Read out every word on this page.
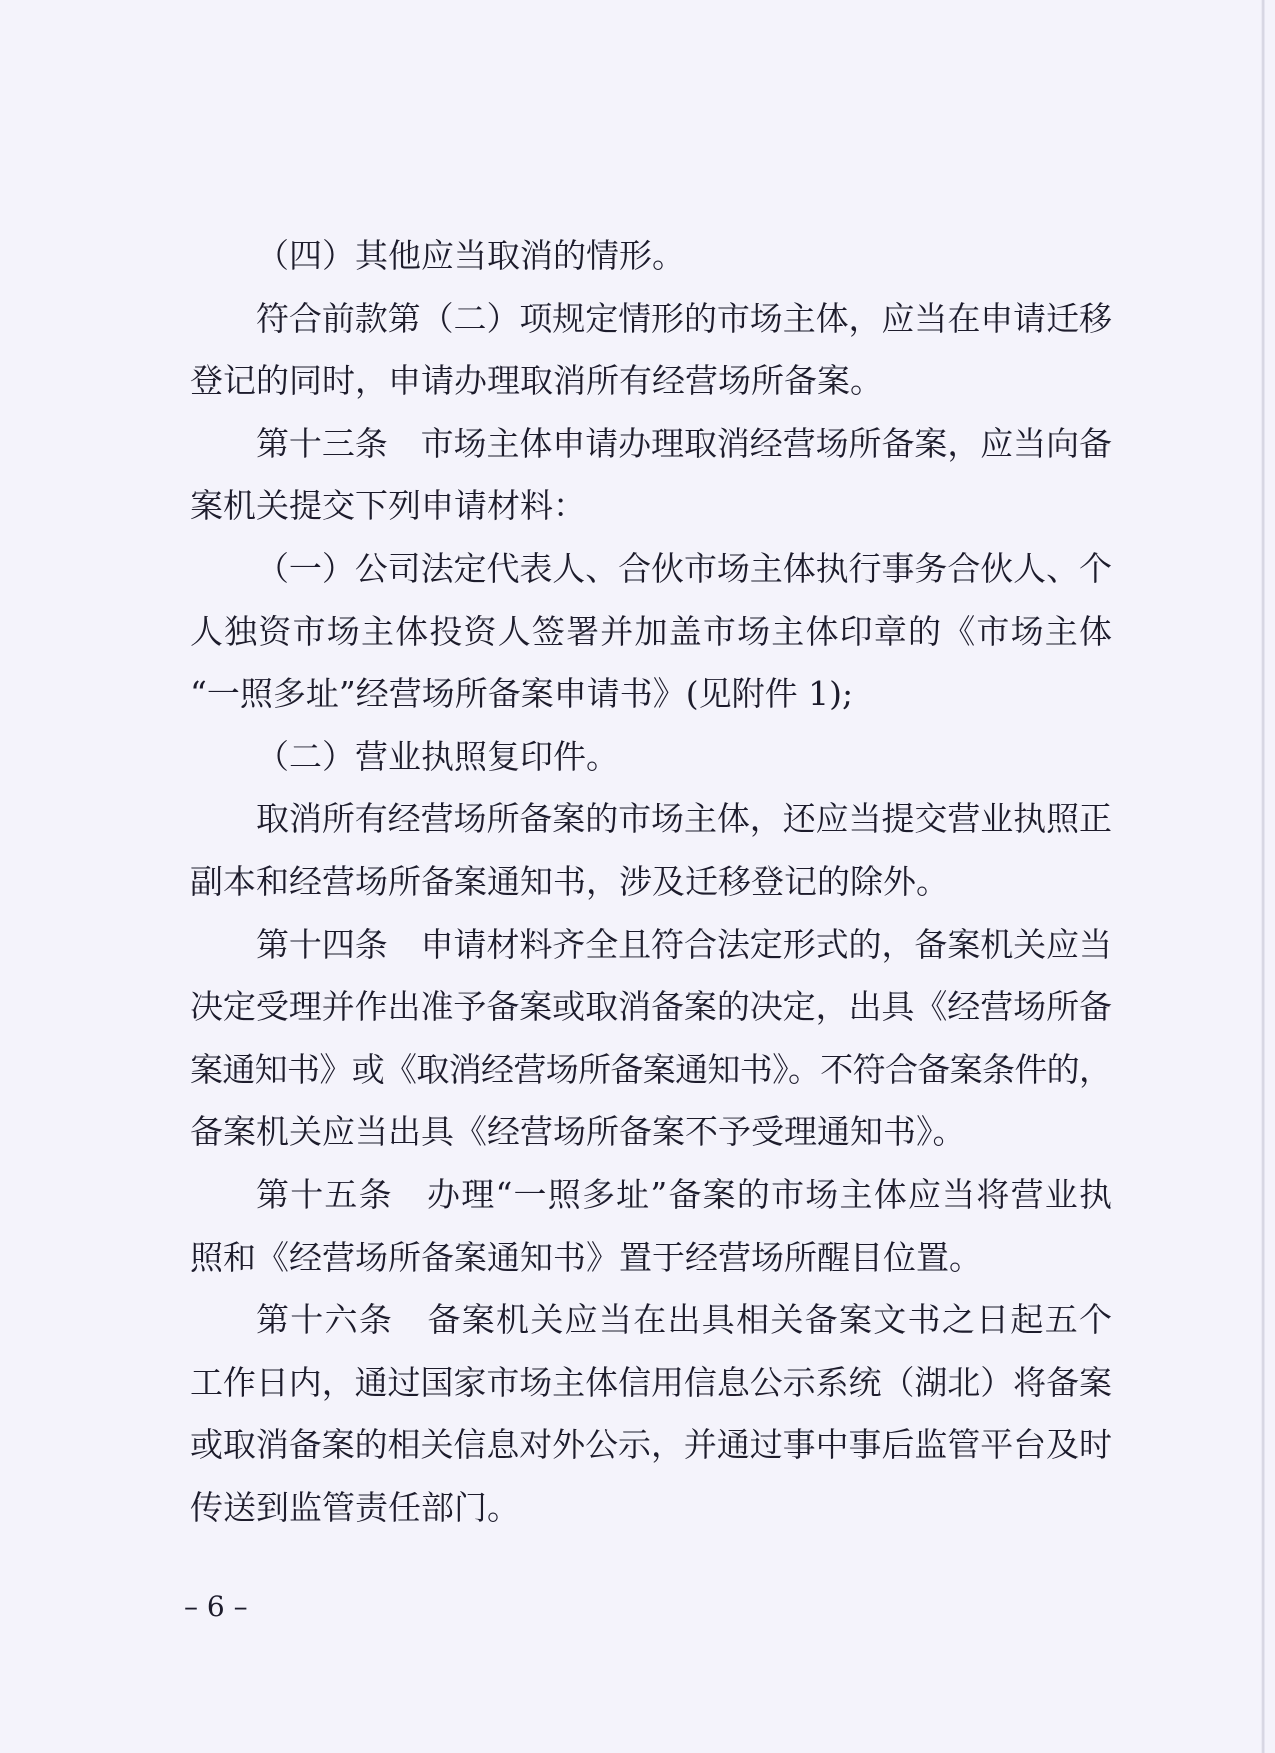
（四）其他应当取消的情形。
符合前款第（二）项规定情形的市场主体，应当在申请迁移
登记的同时，申请办理取消所有经营场所备案。
第十三条　市场主体申请办理取消经营场所备案，应当向备
案机关提交下列申请材料：
（一）公司法定代表人、合伙市场主体执行事务合伙人、个
人独资市场主体投资人签署并加盖市场主体印章的《市场主体
“一照多址”经营场所备案申请书》(见附件 1);
（二）营业执照复印件。
取消所有经营场所备案的市场主体，还应当提交营业执照正
副本和经营场所备案通知书，涉及迁移登记的除外。
第十四条　申请材料齐全且符合法定形式的，备案机关应当
决定受理并作出准予备案或取消备案的决定，出具《经营场所备
案通知书》或《取消经营场所备案通知书》。不符合备案条件的，
备案机关应当出具《经营场所备案不予受理通知书》。
第十五条　办理“一照多址”备案的市场主体应当将营业执
照和《经营场所备案通知书》置于经营场所醒目位置。
第十六条　备案机关应当在出具相关备案文书之日起五个
工作日内，通过国家市场主体信用信息公示系统（湖北）将备案
或取消备案的相关信息对外公示，并通过事中事后监管平台及时
传送到监管责任部门。
– 6 –
